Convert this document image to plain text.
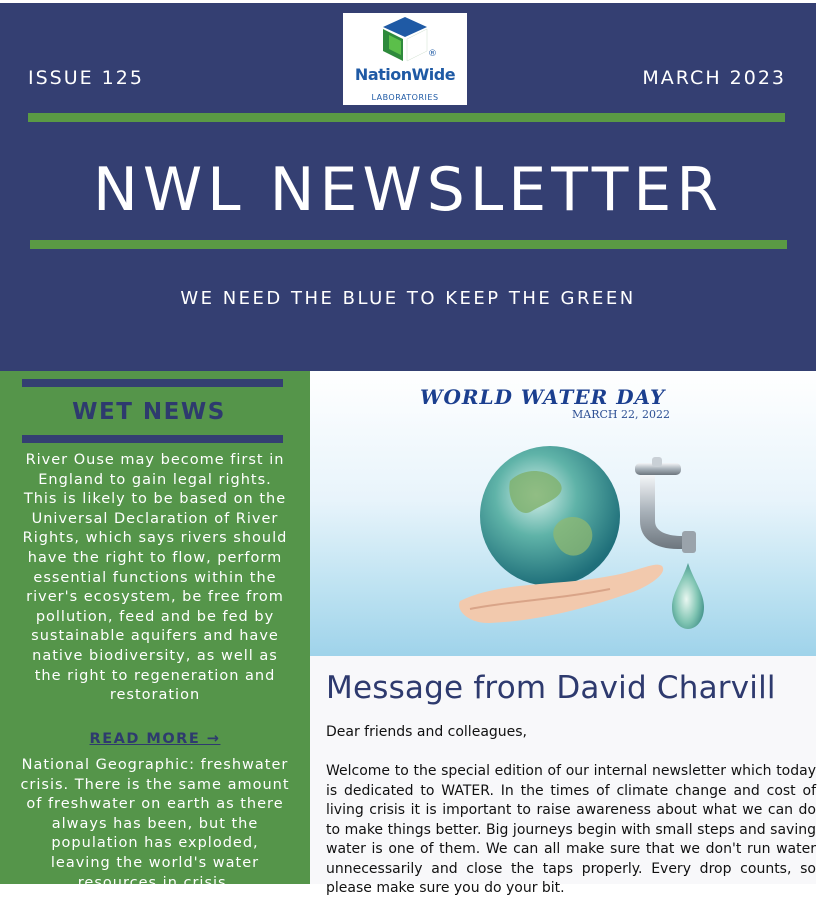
ISSUE 125
®
NationWide
LABORATORIES
MARCH 2023
NWL NEWSLETTER
WE NEED THE BLUE TO KEEP THE GREEN
WET NEWS
River Ouse may become first in England to gain legal rights. This is likely to be based on the Universal Declaration of River Rights, which says rivers should have the right to flow, perform essential functions within the river's ecosystem, be free from pollution, feed and be fed by sustainable aquifers and have native biodiversity, as well as the right to regeneration and restoration
READ MORE →
National Geographic: freshwater crisis. There is the same amount of freshwater on earth as there always has been, but the population has exploded, leaving the world's water resources in crisis.
WORLD WATER DAY
MARCH 22, 2022
Message from David Charvill
Dear friends and colleagues,
Welcome to the special edition of our internal newsletter which today is dedicated to WATER. In the times of climate change and cost of living crisis it is important to raise awareness about what we can do to make things better. Big journeys begin with small steps and saving water is one of them. We can all make sure that we don't run water unnecessarily and close the taps properly. Every drop counts, so please make sure you do your bit.
